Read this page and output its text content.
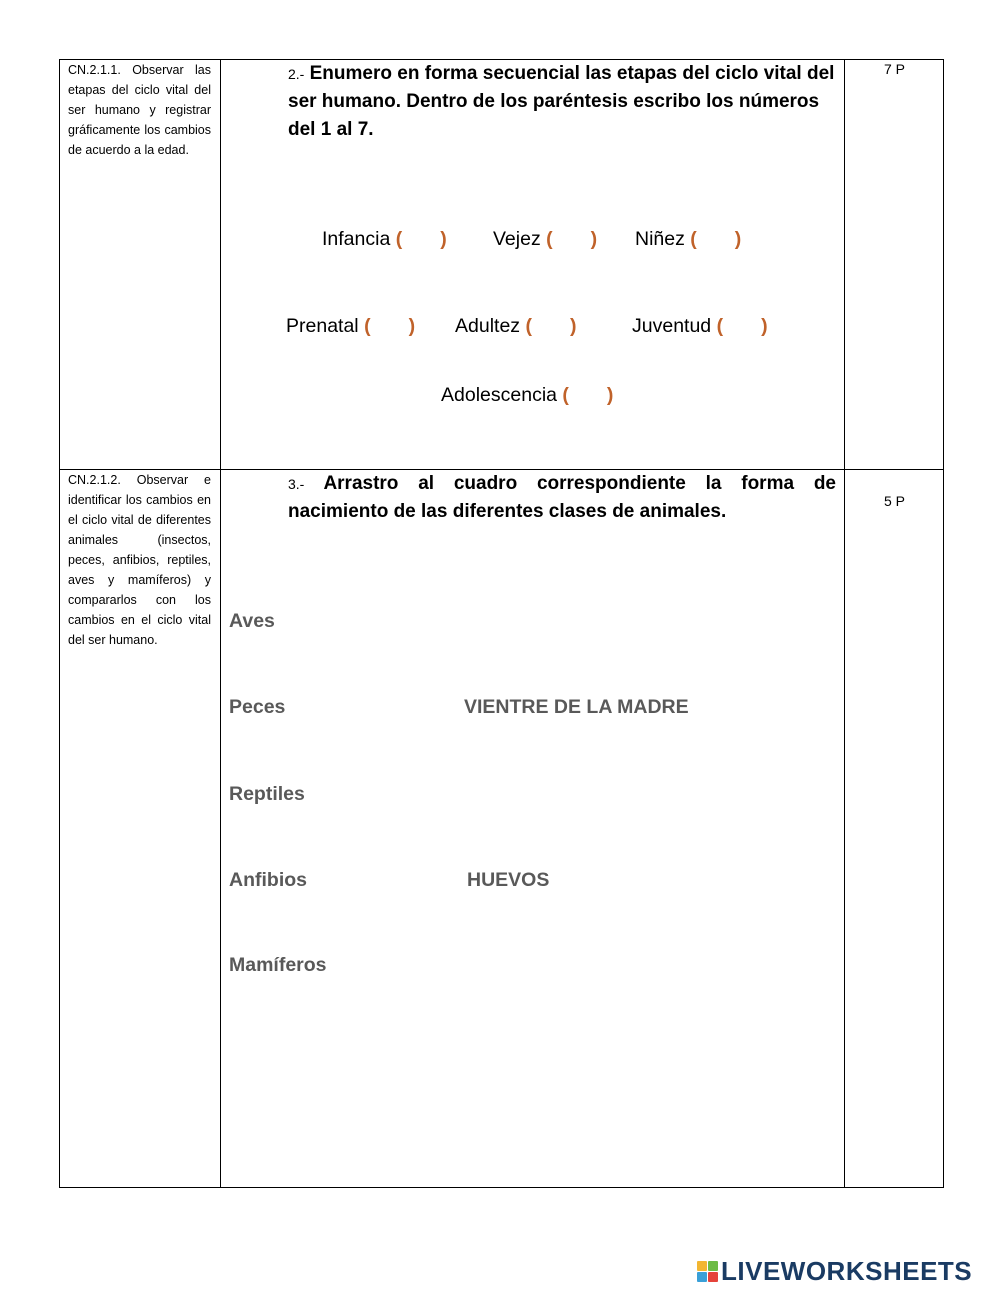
CN.2.1.1. Observar las etapas del ciclo vital del ser humano y registrar gráficamente los cambios de acuerdo a la edad.
2.- Enumero en forma secuencial las etapas del ciclo vital del ser humano. Dentro de los paréntesis escribo los números del 1 al 7.
7 P
Infancia ( ) Vejez ( ) Niñez ( )
Prenatal ( ) Adultez ( )	Juventud ( )
Adolescencia ( )
CN.2.1.2. Observar e identificar los cambios en el ciclo vital de diferentes animales (insectos, peces, anfibios, reptiles, aves y mamíferos) y compararlos con los cambios en el ciclo vital del ser humano.
3.- Arrastro al cuadro correspondiente la forma de nacimiento de las diferentes clases de animales.	5 P
Aves
Peces
Reptiles
Anfibios
Mamíferos
VIENTRE DE LA MADRE
HUEVOS
LIVEWORKSHEETS
